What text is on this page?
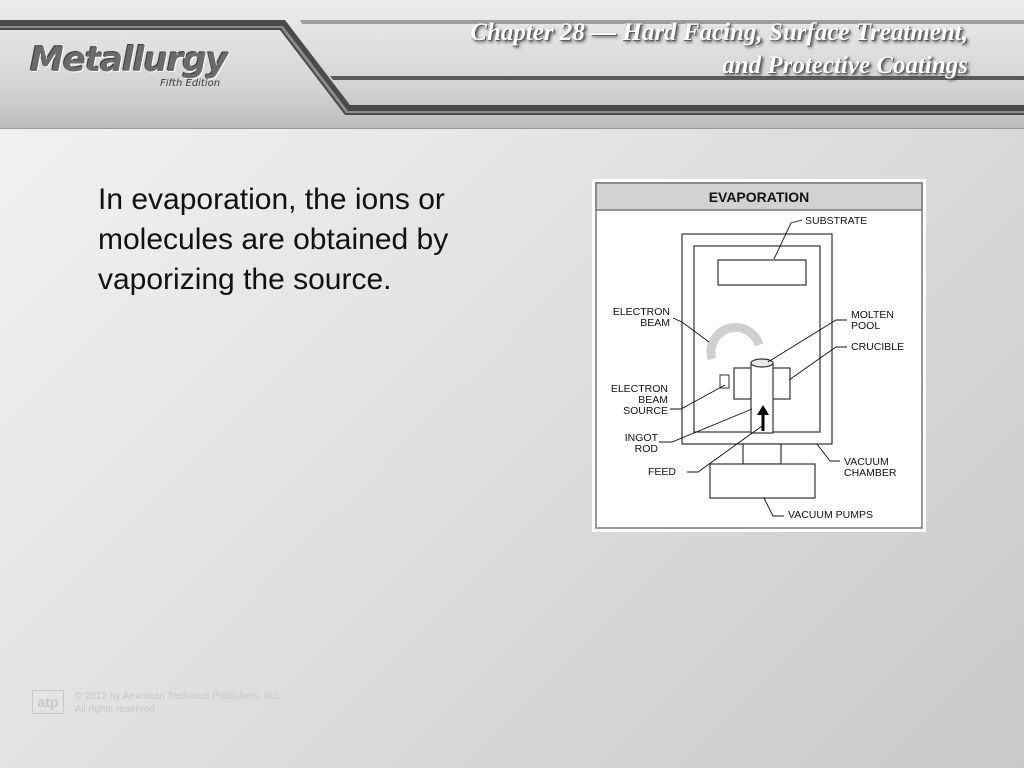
Metallurgy
Fifth Edition
Chapter 28 — Hard Facing, Surface Treatment,
and Protective Coatings
In evaporation, the ions or molecules are obtained by vaporizing the source.
EVAPORATION
SUBSTRATE
ELECTRON
BEAM
MOLTEN
POOL
CRUCIBLE
ELECTRON
BEAM
SOURCE
INGOT
ROD
FEED
VACUUM
CHAMBER
VACUUM PUMPS
atp © 2012 by American Technical Publishers, Inc.
All rights reserved
